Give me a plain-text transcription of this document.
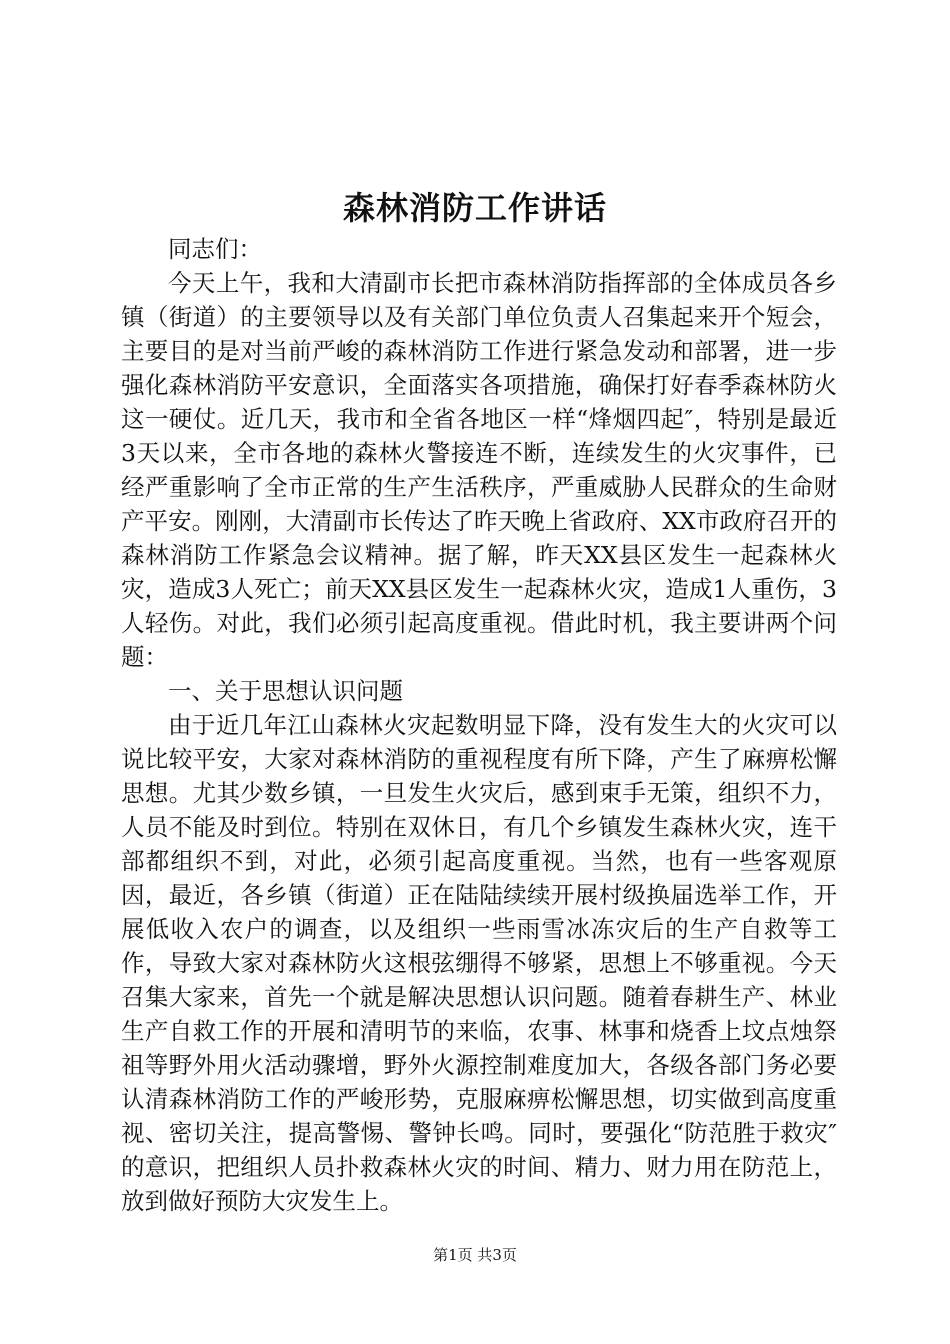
森林消防工作讲话

同志们：

今天上午，我和大清副市长把市森林消防指挥部的全体成员各乡镇（街道）的主要领导以及有关部门单位负责人召集起来开个短会，主要目的是对当前严峻的森林消防工作进行紧急发动和部署，进一步强化森林消防平安意识，全面落实各项措施，确保打好春季森林防火这一硬仗。近几天，我市和全省各地区一样“烽烟四起″，特别是最近3天以来，全市各地的森林火警接连不断，连续发生的火灾事件，已经严重影响了全市正常的生产生活秩序，严重威胁人民群众的生命财产平安。刚刚，大清副市长传达了昨天晚上省政府、XX市政府召开的森林消防工作紧急会议精神。据了解，昨天XX县区发生一起森林火灾，造成3人死亡；前天XX县区发生一起森林火灾，造成1人重伤，3人轻伤。对此，我们必须引起高度重视。借此时机，我主要讲两个问题：

一、关于思想认识问题

由于近几年江山森林火灾起数明显下降，没有发生大的火灾可以说比较平安，大家对森林消防的重视程度有所下降，产生了麻痹松懈思想。尤其少数乡镇，一旦发生火灾后，感到束手无策，组织不力，人员不能及时到位。特别在双休日，有几个乡镇发生森林火灾，连干部都组织不到，对此，必须引起高度重视。当然，也有一些客观原因，最近，各乡镇（街道）正在陆陆续续开展村级换届选举工作，开展低收入农户的调查，以及组织一些雨雪冰冻灾后的生产自救等工作，导致大家对森林防火这根弦绷得不够紧，思想上不够重视。今天召集大家来，首先一个就是解决思想认识问题。随着春耕生产、林业生产自救工作的开展和清明节的来临，农事、林事和烧香上坟点烛祭祖等野外用火活动骤增，野外火源控制难度加大，各级各部门务必要认清森林消防工作的严峻形势，克服麻痹松懈思想，切实做到高度重视、密切关注，提高警惕、警钟长鸣。同时，要强化“防范胜于救灾″的意识，把组织人员扑救森林火灾的时间、精力、财力用在防范上，放到做好预防大灾发生上。

第1页 共3页
